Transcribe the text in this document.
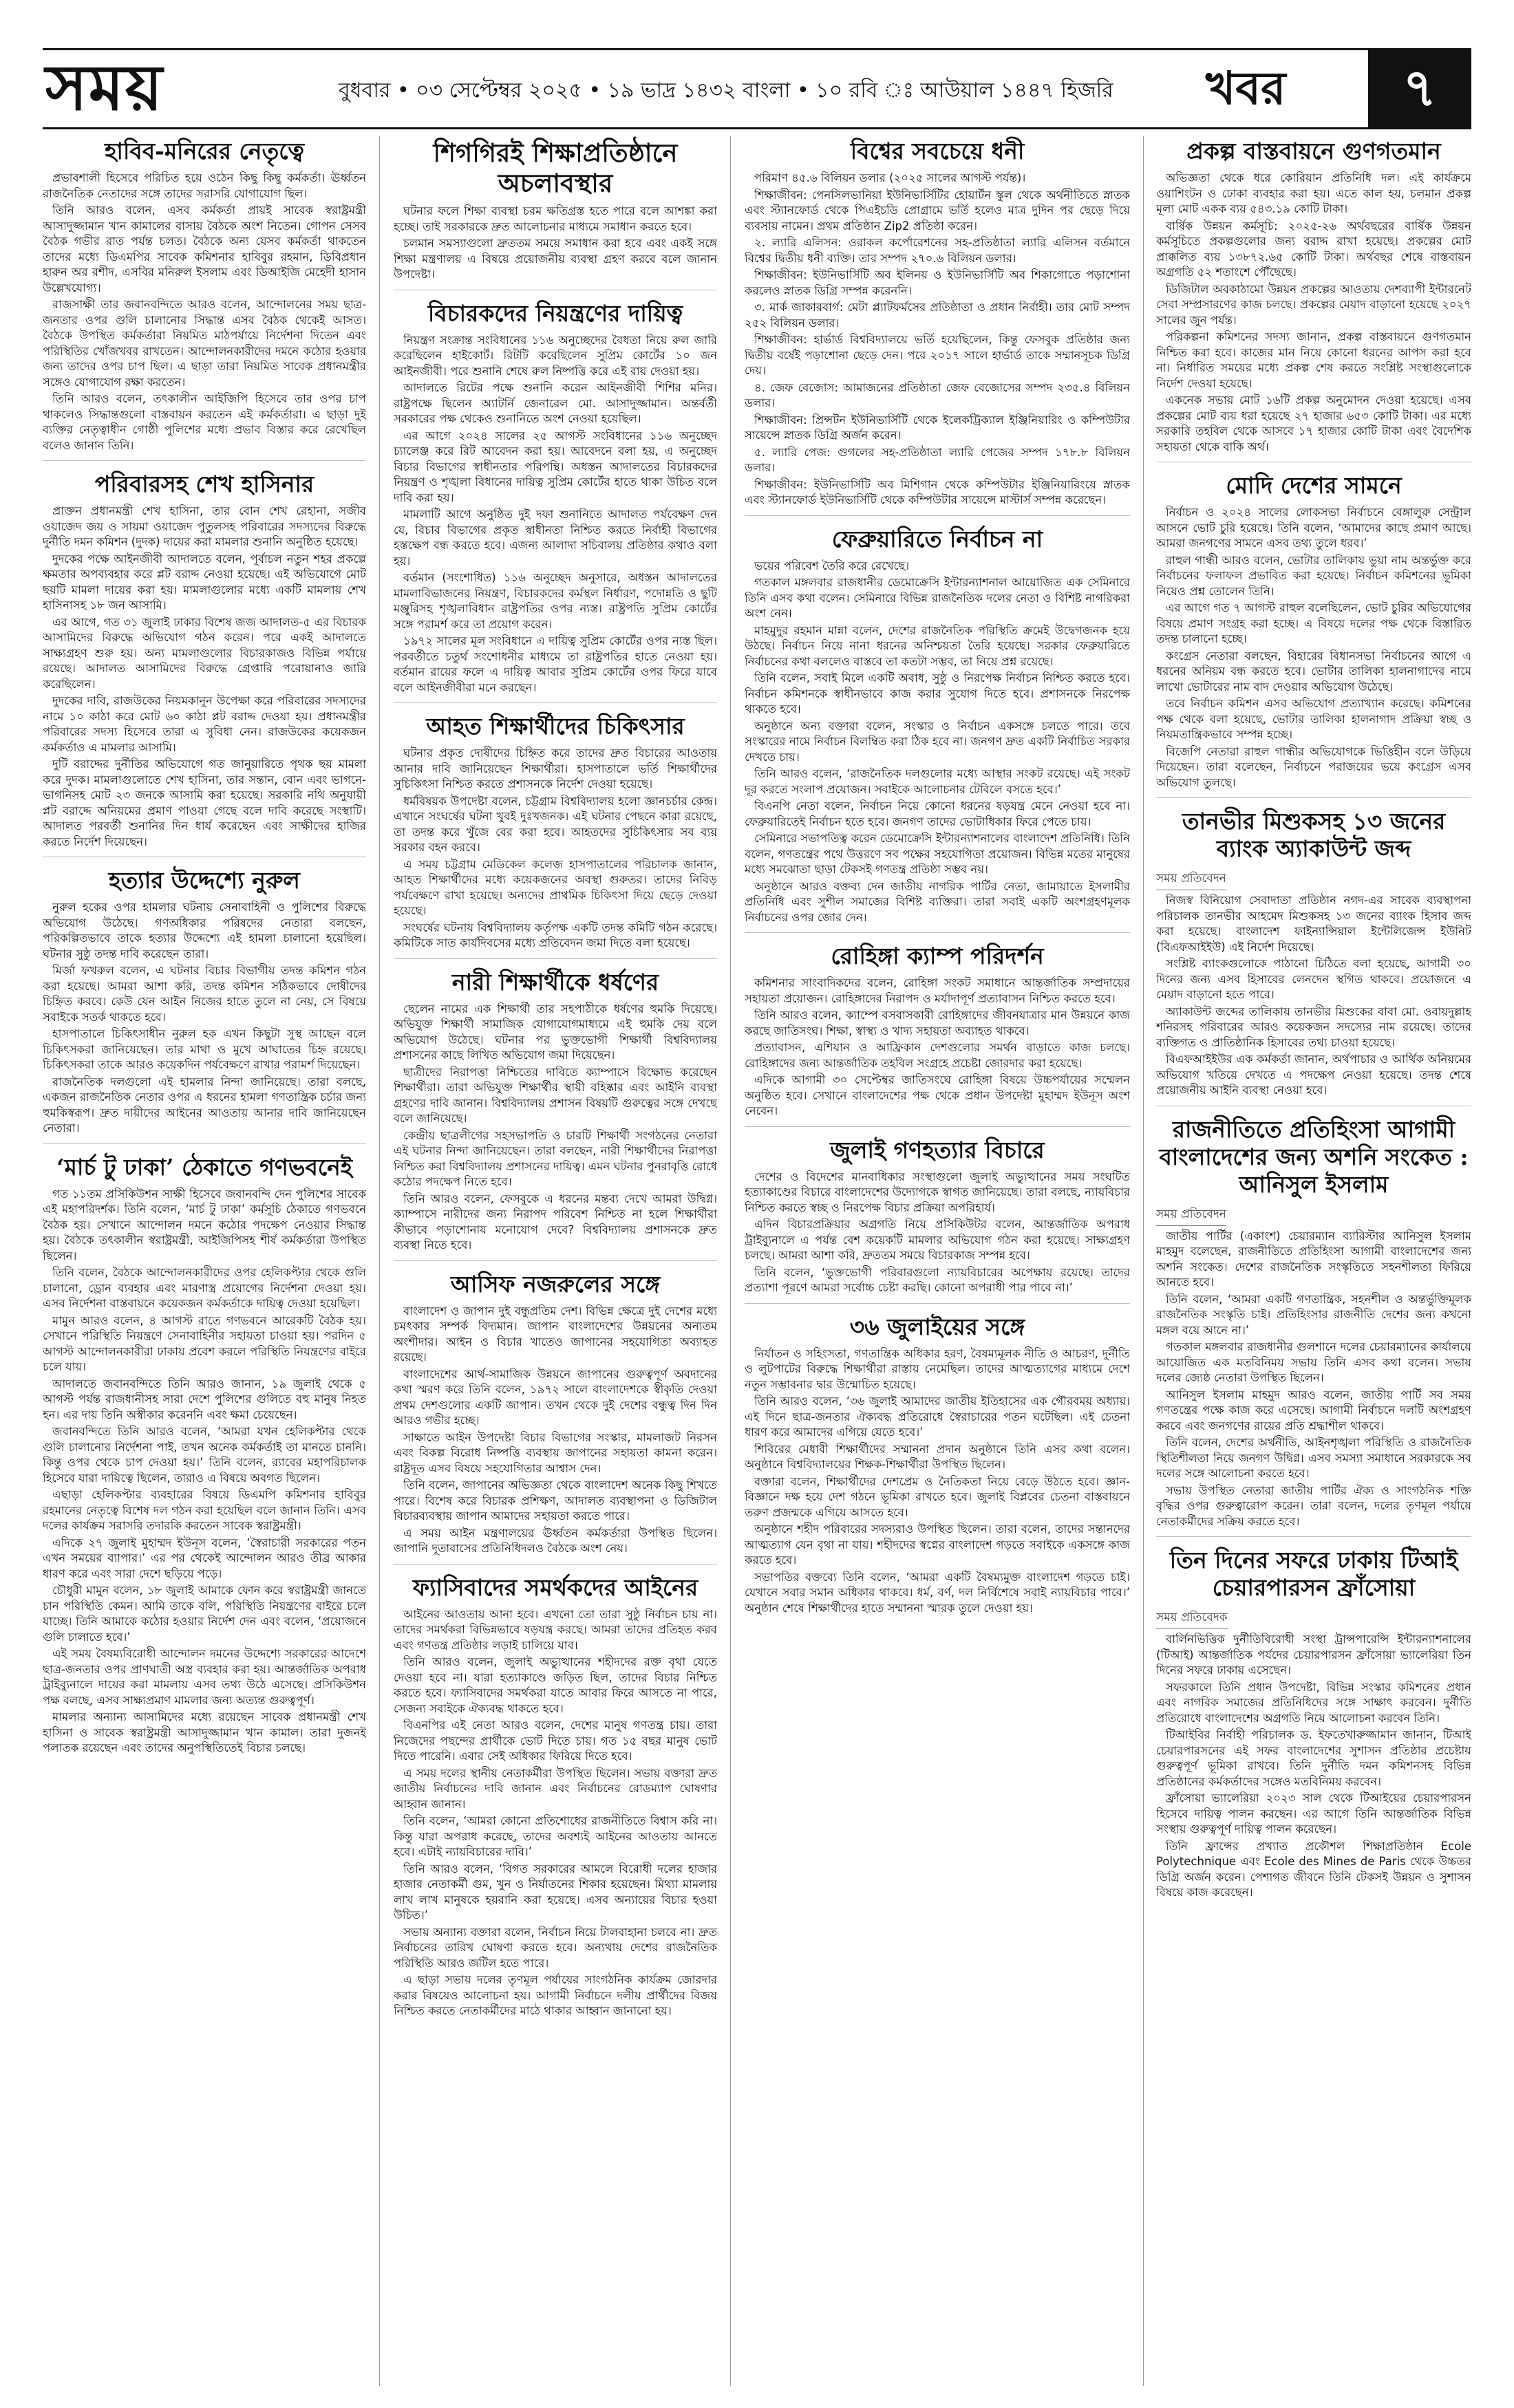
সময়	বুধবার • ০৩ সেপ্টেম্বর ২০২৫ • ১৯ ভাদ্র ১৪৩২ বাংলা • ১০ রবি ঃ আউয়াল ১৪৪৭ হিজরি খবর	৭
হাবিব-মনিরের নেতৃত্বে

প্রভাবশালী হিসেবে পরিচিত হয়ে ওঠেন কিছু কিছু কর্মকর্তা। ঊর্ধ্বতন রাজনৈতিক নেতাদের সঙ্গে তাদের সরাসরি যোগাযোগ ছিল।

তিনি আরও বলেন, এসব কর্মকর্তা প্রায়ই সাবেক স্বরাষ্ট্রমন্ত্রী আসাদুজ্জামান খান কামালের বাসায় বৈঠকে অংশ নিতেন। গোপন সেসব বৈঠক গভীর রাত পর্যন্ত চলত। বৈঠকে অন্য যেসব কর্মকর্তা থাকতেন তাদের মধ্যে ডিএমপির সাবেক কমিশনার হাবিবুর রহমান, ডিবিপ্রধান হারুন অর রশীদ, এসবির মনিরুল ইসলাম এবং ডিআইজি মেহেদী হাসান উল্লেখযোগ্য।

রাজসাক্ষী তার জবানবন্দিতে আরও বলেন, আন্দোলনের সময় ছাত্র-জনতার ওপর গুলি চালানোর সিদ্ধান্ত এসব বৈঠক থেকেই আসত। বৈঠকে উপস্থিত কর্মকর্তারা নিয়মিত মাঠপর্যায়ে নির্দেশনা দিতেন এবং পরিস্থিতির খোঁজখবর রাখতেন। আন্দোলনকারীদের দমনে কঠোর হওয়ার জন্য তাদের ওপর চাপ ছিল। এ ছাড়া তারা নিয়মিত সাবেক প্রধানমন্ত্রীর সঙ্গেও যোগাযোগ রক্ষা করতেন।

তিনি আরও বলেন, তৎকালীন আইজিপি হিসেবে তার ওপর চাপ থাকলেও সিদ্ধান্তগুলো বাস্তবায়ন করতেন এই কর্মকর্তারা। এ ছাড়া দুই ব্যক্তির নেতৃত্বাধীন গোষ্ঠী পুলিশের মধ্যে প্রভাব বিস্তার করে রেখেছিল বলেও জানান তিনি।

পরিবারসহ শেখ হাসিনার

প্রাক্তন প্রধানমন্ত্রী শেখ হাসিনা, তার বোন শেখ রেহানা, সজীব ওয়াজেদ জয় ও সায়মা ওয়াজেদ পুতুলসহ পরিবারের সদস্যদের বিরুদ্ধে দুর্নীতি দমন কমিশন (দুদক) দায়ের করা মামলার শুনানি অনুষ্ঠিত হয়েছে।

দুদকের পক্ষে আইনজীবী আদালতে বলেন, পূর্বাচল নতুন শহর প্রকল্পে ক্ষমতার অপব্যবহার করে প্লট বরাদ্দ নেওয়া হয়েছে। এই অভিযোগে মোট ছয়টি মামলা দায়ের করা হয়। মামলাগুলোর মধ্যে একটি মামলায় শেখ হাসিনাসহ ১৮ জন আসামি।

এর আগে, গত ৩১ জুলাই ঢাকার বিশেষ জজ আদালত-৫ এর বিচারক আসামিদের বিরুদ্ধে অভিযোগ গঠন করেন। পরে একই আদালতে সাক্ষ্যগ্রহণ শুরু হয়। অন্য মামলাগুলোর বিচারকাজও বিভিন্ন পর্যায়ে রয়েছে। আদালত আসামিদের বিরুদ্ধে গ্রেপ্তারি পরোয়ানাও জারি করেছিলেন।

দুদকের দাবি, রাজউকের নিয়মকানুন উপেক্ষা করে পরিবারের সদস্যদের নামে ১০ কাঠা করে মোট ৬০ কাঠা প্লট বরাদ্দ দেওয়া হয়। প্রধানমন্ত্রীর পরিবারের সদস্য হিসেবে তারা এ সুবিধা নেন। রাজউকের কয়েকজন কর্মকর্তাও এ মামলার আসামি।

দুটি বরাদ্দের দুর্নীতির অভিযোগে গত জানুয়ারিতে পৃথক ছয় মামলা করে দুদক। মামলাগুলোতে শেখ হাসিনা, তার সন্তান, বোন এবং ভাগনে-ভাগনিসহ মোট ২৩ জনকে আসামি করা হয়েছে। সরকারি নথি অনুযায়ী প্লট বরাদ্দে অনিয়মের প্রমাণ পাওয়া গেছে বলে দাবি করেছে সংস্থাটি। আদালত পরবর্তী শুনানির দিন ধার্য করেছেন এবং সাক্ষীদের হাজির করতে নির্দেশ দিয়েছেন।

হত্যার উদ্দেশ্যে নুরুল

নুরুল হকের ওপর হামলার ঘটনায় সেনাবাহিনী ও পুলিশের বিরুদ্ধে অভিযোগ উঠেছে। গণঅধিকার পরিষদের নেতারা বলছেন, পরিকল্পিতভাবে তাকে হত্যার উদ্দেশ্যে এই হামলা চালানো হয়েছিল। ঘটনার সুষ্ঠু তদন্ত দাবি করেছেন তারা।

মির্জা ফখরুল বলেন, এ ঘটনার বিচার বিভাগীয় তদন্ত কমিশন গঠন করা হয়েছে। আমরা আশা করি, তদন্ত কমিশন সঠিকভাবে দোষীদের চিহ্নিত করবে। কেউ যেন আইন নিজের হাতে তুলে না নেয়, সে বিষয়ে সবাইকে সতর্ক থাকতে হবে।

হাসপাতালে চিকিৎসাধীন নুরুল হক এখন কিছুটা সুস্থ আছেন বলে চিকিৎসকরা জানিয়েছেন। তার মাথা ও মুখে আঘাতের চিহ্ন রয়েছে। চিকিৎসকরা তাকে আরও কয়েকদিন পর্যবেক্ষণে রাখার পরামর্শ দিয়েছেন।

রাজনৈতিক দলগুলো এই হামলার নিন্দা জানিয়েছে। তারা বলছে, একজন রাজনৈতিক নেতার ওপর এ ধরনের হামলা গণতান্ত্রিক চর্চার জন্য হুমকিস্বরূপ। দ্রুত দায়ীদের আইনের আওতায় আনার দাবি জানিয়েছেন নেতারা।

‘মার্চ টু ঢাকা’ ঠেকাতে গণভবনেই

গত ১১তম প্রসিকিউশন সাক্ষী হিসেবে জবানবন্দি দেন পুলিশের সাবেক এই মহাপরিদর্শক। তিনি বলেন, ‘মার্চ টু ঢাকা’ কর্মসূচি ঠেকাতে গণভবনে বৈঠক হয়। সেখানে আন্দোলন দমনে কঠোর পদক্ষেপ নেওয়ার সিদ্ধান্ত হয়। বৈঠকে তৎকালীন স্বরাষ্ট্রমন্ত্রী, আইজিপিসহ শীর্ষ কর্মকর্তারা উপস্থিত ছিলেন।

তিনি বলেন, বৈঠকে আন্দোলনকারীদের ওপর হেলিকপ্টার থেকে গুলি চালানো, ড্রোন ব্যবহার এবং মারণাস্ত্র প্রয়োগের নির্দেশনা দেওয়া হয়। এসব নির্দেশনা বাস্তবায়নে কয়েকজন কর্মকর্তাকে দায়িত্ব দেওয়া হয়েছিল।

মামুন আরও বলেন, ৪ আগস্ট রাতে গণভবনে আরেকটি বৈঠক হয়। সেখানে পরিস্থিতি নিয়ন্ত্রণে সেনাবাহিনীর সহায়তা চাওয়া হয়। পরদিন ৫ আগস্ট আন্দোলনকারীরা ঢাকায় প্রবেশ করলে পরিস্থিতি নিয়ন্ত্রণের বাইরে চলে যায়।

আদালতে জবানবন্দিতে তিনি আরও জানান, ১৯ জুলাই থেকে ৫ আগস্ট পর্যন্ত রাজধানীসহ সারা দেশে পুলিশের গুলিতে বহু মানুষ নিহত হন। এর দায় তিনি অস্বীকার করেননি এবং ক্ষমা চেয়েছেন।

জবানবন্দিতে তিনি আরও বলেন, ‘আমরা যখন হেলিকপ্টার থেকে গুলি চালানোর নির্দেশনা পাই, তখন অনেক কর্মকর্তাই তা মানতে চাননি। কিন্তু ওপর থেকে চাপ দেওয়া হয়।’ তিনি বলেন, র‌্যাবের মহাপরিচালক হিসেবে যারা দায়িত্বে ছিলেন, তারাও এ বিষয়ে অবগত ছিলেন।

এছাড়া হেলিকপ্টার ব্যবহারের বিষয়ে ডিএমপি কমিশনার হাবিবুর রহমানের নেতৃত্বে বিশেষ দল গঠন করা হয়েছিল বলে জানান তিনি। এসব দলের কার্যক্রম সরাসরি তদারকি করতেন সাবেক স্বরাষ্ট্রমন্ত্রী।

এদিকে ২৭ জুলাই মুহাম্মদ ইউনূস বলেন, ‘স্বৈরাচারী সরকারের পতন এখন সময়ের ব্যাপার।’ এর পর থেকেই আন্দোলন আরও তীব্র আকার ধারণ করে এবং সারা দেশে ছড়িয়ে পড়ে।

চৌধুরী মামুন বলেন, ১৮ জুলাই আমাকে ফোন করে স্বরাষ্ট্রমন্ত্রী জানতে চান পরিস্থিতি কেমন। আমি তাকে বলি, পরিস্থিতি নিয়ন্ত্রণের বাইরে চলে যাচ্ছে। তিনি আমাকে কঠোর হওয়ার নির্দেশ দেন এবং বলেন, ‘প্রয়োজনে গুলি চালাতে হবে।’

এই সময় বৈষম্যবিরোধী আন্দোলন দমনের উদ্দেশ্যে সরকারের আদেশে ছাত্র-জনতার ওপর প্রাণঘাতী অস্ত্র ব্যবহার করা হয়। আন্তর্জাতিক অপরাধ ট্রাইব্যুনালে দায়ের করা মামলায় এসব তথ্য উঠে এসেছে। প্রসিকিউশন পক্ষ বলছে, এসব সাক্ষ্যপ্রমাণ মামলার জন্য অত্যন্ত গুরুত্বপূর্ণ।

মামলার অন্যান্য আসামিদের মধ্যে রয়েছেন সাবেক প্রধানমন্ত্রী শেখ হাসিনা ও সাবেক স্বরাষ্ট্রমন্ত্রী আসাদুজ্জামান খান কামাল। তারা দুজনই পলাতক রয়েছেন এবং তাদের অনুপস্থিতিতেই বিচার চলছে।

শিগগিরই শিক্ষাপ্রতিষ্ঠানে অচলাবস্থার

ঘটনার ফলে শিক্ষা ব্যবস্থা চরম ক্ষতিগ্রস্ত হতে পারে বলে আশঙ্কা করা হচ্ছে। তাই সরকারকে দ্রুত আলোচনার মাধ্যমে সমাধান করতে হবে।

চলমান সমস্যাগুলো দ্রুততম সময়ে সমাধান করা হবে এবং একই সঙ্গে শিক্ষা মন্ত্রণালয় এ বিষয়ে প্রয়োজনীয় ব্যবস্থা গ্রহণ করবে বলে জানান উপদেষ্টা।

বিচারকদের নিয়ন্ত্রণের দায়িত্ব

নিয়ন্ত্রণ সংক্রান্ত সংবিধানের ১১৬ অনুচ্ছেদের বৈধতা নিয়ে রুল জারি করেছিলেন হাইকোর্ট। রিটটি করেছিলেন সুপ্রিম কোর্টের ১০ জন আইনজীবী। পরে শুনানি শেষে রুল নিষ্পত্তি করে এই রায় দেওয়া হয়।

আদালতে রিটের পক্ষে শুনানি করেন আইনজীবী শিশির মনির। রাষ্ট্রপক্ষে ছিলেন অ্যাটর্নি জেনারেল মো. আসাদুজ্জামান। অন্তর্বর্তী সরকারের পক্ষ থেকেও শুনানিতে অংশ নেওয়া হয়েছিল।

এর আগে ২০২৪ সালের ২৫ আগস্ট সংবিধানের ১১৬ অনুচ্ছেদ চ্যালেঞ্জ করে রিট আবেদন করা হয়। আবেদনে বলা হয়, এ অনুচ্ছেদ বিচার বিভাগের স্বাধীনতার পরিপন্থি। অধস্তন আদালতের বিচারকদের নিয়ন্ত্রণ ও শৃঙ্খলা বিধানের দায়িত্ব সুপ্রিম কোর্টের হাতে থাকা উচিত বলে দাবি করা হয়।

মামলাটি আগে অনুষ্ঠিত দুই দফা শুনানিতে আদালত পর্যবেক্ষণ দেন যে, বিচার বিভাগের প্রকৃত স্বাধীনতা নিশ্চিত করতে নির্বাহী বিভাগের হস্তক্ষেপ বন্ধ করতে হবে। এজন্য আলাদা সচিবালয় প্রতিষ্ঠার কথাও বলা হয়।

বর্তমান (সংশোধিত) ১১৬ অনুচ্ছেদ অনুসারে, অধস্তন আদালতের মামলাবিভাজনের নিয়ন্ত্রণ, বিচারকদের কর্মস্থল নির্ধারণ, পদোন্নতি ও ছুটি মঞ্জুরিসহ শৃঙ্খলাবিধান রাষ্ট্রপতির ওপর ন্যস্ত। রাষ্ট্রপতি সুপ্রিম কোর্টের সঙ্গে পরামর্শ করে তা প্রয়োগ করেন।

১৯৭২ সালের মূল সংবিধানে এ দায়িত্ব সুপ্রিম কোর্টের ওপর ন্যস্ত ছিল। পরবর্তীতে চতুর্থ সংশোধনীর মাধ্যমে তা রাষ্ট্রপতির হাতে নেওয়া হয়। বর্তমান রায়ের ফলে এ দায়িত্ব আবার সুপ্রিম কোর্টের ওপর ফিরে যাবে বলে আইনজীবীরা মনে করছেন।

আহত শিক্ষার্থীদের চিকিৎসার

ঘটনার প্রকৃত দোষীদের চিহ্নিত করে তাদের দ্রুত বিচারের আওতায় আনার দাবি জানিয়েছেন শিক্ষার্থীরা। হাসপাতালে ভর্তি শিক্ষার্থীদের সুচিকিৎসা নিশ্চিত করতে প্রশাসনকে নির্দেশ দেওয়া হয়েছে।

ধর্মবিষয়ক উপদেষ্টা বলেন, চট্টগ্রাম বিশ্ববিদ্যালয় হলো জ্ঞানচর্চার কেন্দ্র। এখানে সংঘর্ষের ঘটনা খুবই দুঃখজনক। এই ঘটনার পেছনে কারা রয়েছে, তা তদন্ত করে খুঁজে বের করা হবে। আহতদের সুচিকিৎসার সব ব্যয় সরকার বহন করবে।

এ সময় চট্টগ্রাম মেডিকেল কলেজ হাসপাতালের পরিচালক জানান, আহত শিক্ষার্থীদের মধ্যে কয়েকজনের অবস্থা গুরুতর। তাদের নিবিড় পর্যবেক্ষণে রাখা হয়েছে। অন্যদের প্রাথমিক চিকিৎসা দিয়ে ছেড়ে দেওয়া হয়েছে।

সংঘর্ষের ঘটনায় বিশ্ববিদ্যালয় কর্তৃপক্ষ একটি তদন্ত কমিটি গঠন করেছে। কমিটিকে সাত কার্যদিবসের মধ্যে প্রতিবেদন জমা দিতে বলা হয়েছে।

নারী শিক্ষার্থীকে ধর্ষণের

ছেলেন নামের এক শিক্ষার্থী তার সহপাঠীকে ধর্ষণের হুমকি দিয়েছে। অভিযুক্ত শিক্ষার্থী সামাজিক যোগাযোগমাধ্যমে এই হুমকি দেয় বলে অভিযোগ উঠেছে। ঘটনার পর ভুক্তভোগী শিক্ষার্থী বিশ্ববিদ্যালয় প্রশাসনের কাছে লিখিত অভিযোগ জমা দিয়েছেন।

ছাত্রীদের নিরাপত্তা নিশ্চিতের দাবিতে ক্যাম্পাসে বিক্ষোভ করেছেন শিক্ষার্থীরা। তারা অভিযুক্ত শিক্ষার্থীর স্থায়ী বহিষ্কার এবং আইনি ব্যবস্থা গ্রহণের দাবি জানান। বিশ্ববিদ্যালয় প্রশাসন বিষয়টি গুরুত্বের সঙ্গে দেখছে বলে জানিয়েছে।

কেন্দ্রীয় ছাত্রলীগের সহসভাপতি ও চারটি শিক্ষার্থী সংগঠনের নেতারা এই ঘটনার নিন্দা জানিয়েছেন। তারা বলছেন, নারী শিক্ষার্থীদের নিরাপত্তা নিশ্চিত করা বিশ্ববিদ্যালয় প্রশাসনের দায়িত্ব। এমন ঘটনার পুনরাবৃত্তি রোধে কঠোর পদক্ষেপ নিতে হবে।

তিনি আরও বলেন, ফেসবুকে এ ধরনের মন্তব্য দেখে আমরা উদ্বিগ্ন। ক্যাম্পাসে নারীদের জন্য নিরাপদ পরিবেশ নিশ্চিত না হলে শিক্ষার্থীরা কীভাবে পড়াশোনায় মনোযোগ দেবে? বিশ্ববিদ্যালয় প্রশাসনকে দ্রুত ব্যবস্থা নিতে হবে।

আসিফ নজরুলের সঙ্গে

বাংলাদেশ ও জাপান দুই বন্ধুপ্রতিম দেশ। বিভিন্ন ক্ষেত্রে দুই দেশের মধ্যে চমৎকার সম্পর্ক বিদ্যমান। জাপান বাংলাদেশের উন্নয়নের অন্যতম অংশীদার। আইন ও বিচার খাতেও জাপানের সহযোগিতা অব্যাহত রয়েছে।

বাংলাদেশের আর্থ-সামাজিক উন্নয়নে জাপানের গুরুত্বপূর্ণ অবদানের কথা স্মরণ করে তিনি বলেন, ১৯৭২ সালে বাংলাদেশকে স্বীকৃতি দেওয়া প্রথম দেশগুলোর একটি জাপান। তখন থেকে দুই দেশের বন্ধুত্ব দিন দিন আরও গভীর হচ্ছে।

সাক্ষাতে আইন উপদেষ্টা বিচার বিভাগের সংস্কার, মামলাজট নিরসন এবং বিকল্প বিরোধ নিষ্পত্তি ব্যবস্থায় জাপানের সহায়তা কামনা করেন। রাষ্ট্রদূত এসব বিষয়ে সহযোগিতার আশ্বাস দেন।

তিনি বলেন, জাপানের অভিজ্ঞতা থেকে বাংলাদেশ অনেক কিছু শিখতে পারে। বিশেষ করে বিচারক প্রশিক্ষণ, আদালত ব্যবস্থাপনা ও ডিজিটাল বিচারব্যবস্থায় জাপান আমাদের সহায়তা করতে পারে।

এ সময় আইন মন্ত্রণালয়ের ঊর্ধ্বতন কর্মকর্তারা উপস্থিত ছিলেন। জাপানি দূতাবাসের প্রতিনিধিদলও বৈঠকে অংশ নেয়।

ফ্যাসিবাদের সমর্থকদের আইনের

আইনের আওতায় আনা হবে। এখনো তো তারা সুষ্ঠু নির্বাচন চায় না। তাদের সমর্থকরা বিভিন্নভাবে ষড়যন্ত্র করছে। আমরা তাদের প্রতিহত করব এবং গণতন্ত্র প্রতিষ্ঠার লড়াই চালিয়ে যাব।

তিনি আরও বলেন, জুলাই অভ্যুত্থানের শহীদদের রক্ত বৃথা যেতে দেওয়া হবে না। যারা হত্যাকাণ্ডে জড়িত ছিল, তাদের বিচার নিশ্চিত করতে হবে। ফ্যাসিবাদের সমর্থকরা যাতে আবার ফিরে আসতে না পারে, সেজন্য সবাইকে ঐক্যবদ্ধ থাকতে হবে।

বিএনপির এই নেতা আরও বলেন, দেশের মানুষ গণতন্ত্র চায়। তারা নিজেদের পছন্দের প্রার্থীকে ভোট দিতে চায়। গত ১৫ বছর মানুষ ভোট দিতে পারেনি। এবার সেই অধিকার ফিরিয়ে দিতে হবে।

এ সময় দলের স্থানীয় নেতাকর্মীরা উপস্থিত ছিলেন। সভায় বক্তারা দ্রুত জাতীয় নির্বাচনের দাবি জানান এবং নির্বাচনের রোডম্যাপ ঘোষণার আহ্বান জানান।

তিনি বলেন, ‘আমরা কোনো প্রতিশোধের রাজনীতিতে বিশ্বাস করি না। কিন্তু যারা অপরাধ করেছে, তাদের অবশ্যই আইনের আওতায় আনতে হবে। এটাই ন্যায়বিচারের দাবি।’

তিনি আরও বলেন, ‘বিগত সরকারের আমলে বিরোধী দলের হাজার হাজার নেতাকর্মী গুম, খুন ও নির্যাতনের শিকার হয়েছেন। মিথ্যা মামলায় লাখ লাখ মানুষকে হয়রানি করা হয়েছে। এসব অন্যায়ের বিচার হওয়া উচিত।’

সভায় অন্যান্য বক্তারা বলেন, নির্বাচন নিয়ে টালবাহানা চলবে না। দ্রুত নির্বাচনের তারিখ ঘোষণা করতে হবে। অন্যথায় দেশের রাজনৈতিক পরিস্থিতি আরও জটিল হতে পারে।

এ ছাড়া সভায় দলের তৃণমূল পর্যায়ের সাংগঠনিক কার্যক্রম জোরদার করার বিষয়েও আলোচনা হয়। আগামী নির্বাচনে দলীয় প্রার্থীদের বিজয় নিশ্চিত করতে নেতাকর্মীদের মাঠে থাকার আহ্বান জানানো হয়।

বিশ্বের সবচেয়ে ধনী

পরিমাণ ৪৫.৬ বিলিয়ন ডলার (২০২৫ সালের আগস্ট পর্যন্ত)।

শিক্ষাজীবন: পেনসিলভানিয়া ইউনিভার্সিটির হোয়ার্টন স্কুল থেকে অর্থনীতিতে স্নাতক এবং স্ট্যানফোর্ড থেকে পিএইচডি প্রোগ্রামে ভর্তি হলেও মাত্র দুদিন পর ছেড়ে দিয়ে ব্যবসায় নামেন। প্রথম প্রতিষ্ঠান Zip2 প্রতিষ্ঠা করেন।

২. ল্যারি এলিসন: ওরাকল কর্পোরেশনের সহ-প্রতিষ্ঠাতা ল্যারি এলিসন বর্তমানে বিশ্বের দ্বিতীয় ধনী ব্যক্তি। তার সম্পদ ২৭০.৬ বিলিয়ন ডলার।

শিক্ষাজীবন: ইউনিভার্সিটি অব ইলিনয় ও ইউনিভার্সিটি অব শিকাগোতে পড়াশোনা করলেও স্নাতক ডিগ্রি সম্পন্ন করেননি।

৩. মার্ক জাকারবার্গ: মেটা প্ল্যাটফর্মসের প্রতিষ্ঠাতা ও প্রধান নির্বাহী। তার মোট সম্পদ ২৫২ বিলিয়ন ডলার।

শিক্ষাজীবন: হার্ভার্ড বিশ্ববিদ্যালয়ে ভর্তি হয়েছিলেন, কিন্তু ফেসবুক প্রতিষ্ঠার জন্য দ্বিতীয় বর্ষেই পড়াশোনা ছেড়ে দেন। পরে ২০১৭ সালে হার্ভার্ড তাকে সম্মানসূচক ডিগ্রি দেয়।

৪. জেফ বেজোস: আমাজনের প্রতিষ্ঠাতা জেফ বেজোসের সম্পদ ২৩৫.৪ বিলিয়ন ডলার।

শিক্ষাজীবন: প্রিন্সটন ইউনিভার্সিটি থেকে ইলেকট্রিক্যাল ইঞ্জিনিয়ারিং ও কম্পিউটার সায়েন্সে স্নাতক ডিগ্রি অর্জন করেন।

৫. ল্যারি পেজ: গুগলের সহ-প্রতিষ্ঠাতা ল্যারি পেজের সম্পদ ১৭৮.৮ বিলিয়ন ডলার।

শিক্ষাজীবন: ইউনিভার্সিটি অব মিশিগান থেকে কম্পিউটার ইঞ্জিনিয়ারিংয়ে স্নাতক এবং স্ট্যানফোর্ড ইউনিভার্সিটি থেকে কম্পিউটার সায়েন্সে মাস্টার্স সম্পন্ন করেছেন।

ফেব্রুয়ারিতে নির্বাচন না

ভয়ের পরিবেশ তৈরি করে রেখেছে।

গতকাল মঙ্গলবার রাজধানীর ডেমোক্রেসি ইন্টারন্যাশনাল আয়োজিত এক সেমিনারে তিনি এসব কথা বলেন। সেমিনারে বিভিন্ন রাজনৈতিক দলের নেতা ও বিশিষ্ট নাগরিকরা অংশ নেন।

মাহমুদুর রহমান মান্না বলেন, দেশের রাজনৈতিক পরিস্থিতি ক্রমেই উদ্বেগজনক হয়ে উঠছে। নির্বাচন নিয়ে নানা ধরনের অনিশ্চয়তা তৈরি হয়েছে। সরকার ফেব্রুয়ারিতে নির্বাচনের কথা বললেও বাস্তবে তা কতটা সম্ভব, তা নিয়ে প্রশ্ন রয়েছে।

তিনি বলেন, সবাই মিলে একটি অবাধ, সুষ্ঠু ও নিরপেক্ষ নির্বাচন নিশ্চিত করতে হবে। নির্বাচন কমিশনকে স্বাধীনভাবে কাজ করার সুযোগ দিতে হবে। প্রশাসনকে নিরপেক্ষ থাকতে হবে।

অনুষ্ঠানে অন্য বক্তারা বলেন, সংস্কার ও নির্বাচন একসঙ্গে চলতে পারে। তবে সংস্কারের নামে নির্বাচন বিলম্বিত করা ঠিক হবে না। জনগণ দ্রুত একটি নির্বাচিত সরকার দেখতে চায়।

তিনি আরও বলেন, ‘রাজনৈতিক দলগুলোর মধ্যে আস্থার সংকট রয়েছে। এই সংকট দূর করতে সংলাপ প্রয়োজন। সবাইকে আলোচনার টেবিলে বসতে হবে।’

বিএনপি নেতা বলেন, নির্বাচন নিয়ে কোনো ধরনের ষড়যন্ত্র মেনে নেওয়া হবে না। ফেব্রুয়ারিতেই নির্বাচন হতে হবে। জনগণ তাদের ভোটাধিকার ফিরে পেতে চায়।

সেমিনারে সভাপতিত্ব করেন ডেমোক্রেসি ইন্টারন্যাশনালের বাংলাদেশ প্রতিনিধি। তিনি বলেন, গণতন্ত্রের পথে উত্তরণে সব পক্ষের সহযোগিতা প্রয়োজন। বিভিন্ন মতের মানুষের মধ্যে সমঝোতা ছাড়া টেকসই গণতন্ত্র প্রতিষ্ঠা সম্ভব নয়।

অনুষ্ঠানে আরও বক্তব্য দেন জাতীয় নাগরিক পার্টির নেতা, জামায়াতে ইসলামীর প্রতিনিধি এবং সুশীল সমাজের বিশিষ্ট ব্যক্তিরা। তারা সবাই একটি অংশগ্রহণমূলক নির্বাচনের ওপর জোর দেন।

রোহিঙ্গা ক্যাম্প পরিদর্শন

কমিশনার সাংবাদিকদের বলেন, রোহিঙ্গা সংকট সমাধানে আন্তর্জাতিক সম্প্রদায়ের সহায়তা প্রয়োজন। রোহিঙ্গাদের নিরাপদ ও মর্যাদাপূর্ণ প্রত্যাবাসন নিশ্চিত করতে হবে।

তিনি আরও বলেন, ক্যাম্পে বসবাসকারী রোহিঙ্গাদের জীবনযাত্রার মান উন্নয়নে কাজ করছে জাতিসংঘ। শিক্ষা, স্বাস্থ্য ও খাদ্য সহায়তা অব্যাহত থাকবে।

প্রত্যাবাসন, এশিয়ান ও আফ্রিকান দেশগুলোর সমর্থন বাড়াতে কাজ চলছে। রোহিঙ্গাদের জন্য আন্তর্জাতিক তহবিল সংগ্রহে প্রচেষ্টা জোরদার করা হয়েছে।

এদিকে আগামী ৩০ সেপ্টেম্বর জাতিসংঘে রোহিঙ্গা বিষয়ে উচ্চপর্যায়ের সম্মেলন অনুষ্ঠিত হবে। সেখানে বাংলাদেশের পক্ষ থেকে প্রধান উপদেষ্টা মুহাম্মদ ইউনূস অংশ নেবেন।

জুলাই গণহত্যার বিচারে

দেশের ও বিদেশের মানবাধিকার সংস্থাগুলো জুলাই অভ্যুত্থানের সময় সংঘটিত হত্যাকাণ্ডের বিচারে বাংলাদেশের উদ্যোগকে স্বাগত জানিয়েছে। তারা বলছে, ন্যায়বিচার নিশ্চিত করতে স্বচ্ছ ও নিরপেক্ষ বিচার প্রক্রিয়া অপরিহার্য।

এদিন বিচারপ্রক্রিয়ার অগ্রগতি নিয়ে প্রসিকিউটর বলেন, আন্তর্জাতিক অপরাধ ট্রাইব্যুনালে এ পর্যন্ত বেশ কয়েকটি মামলার অভিযোগ গঠন করা হয়েছে। সাক্ষ্যগ্রহণ চলছে। আমরা আশা করি, দ্রুততম সময়ে বিচারকাজ সম্পন্ন হবে।

তিনি বলেন, ‘ভুক্তভোগী পরিবারগুলো ন্যায়বিচারের অপেক্ষায় রয়েছে। তাদের প্রত্যাশা পূরণে আমরা সর্বোচ্চ চেষ্টা করছি। কোনো অপরাধী পার পাবে না।’

৩৬ জুলাইয়ের সঙ্গে

নির্যাতন ও সহিংসতা, গণতান্ত্রিক অধিকার হরণ, বৈষম্যমূলক নীতি ও আচরণ, দুর্নীতি ও লুটপাটের বিরুদ্ধে শিক্ষার্থীরা রাস্তায় নেমেছিল। তাদের আত্মত্যাগের মাধ্যমে দেশে নতুন সম্ভাবনার দ্বার উন্মোচিত হয়েছে।

তিনি আরও বলেন, ‘৩৬ জুলাই আমাদের জাতীয় ইতিহাসের এক গৌরবময় অধ্যায়। এই দিনে ছাত্র-জনতার ঐক্যবদ্ধ প্রতিরোধে স্বৈরাচারের পতন ঘটেছিল। এই চেতনা ধারণ করে আমাদের এগিয়ে যেতে হবে।’

শিবিরের মেধাবী শিক্ষার্থীদের সম্মাননা প্রদান অনুষ্ঠানে তিনি এসব কথা বলেন। অনুষ্ঠানে বিশ্ববিদ্যালয়ের শিক্ষক-শিক্ষার্থীরা উপস্থিত ছিলেন।

বক্তারা বলেন, শিক্ষার্থীদের দেশপ্রেম ও নৈতিকতা নিয়ে বেড়ে উঠতে হবে। জ্ঞান-বিজ্ঞানে দক্ষ হয়ে দেশ গঠনে ভূমিকা রাখতে হবে। জুলাই বিপ্লবের চেতনা বাস্তবায়নে তরুণ প্রজন্মকে এগিয়ে আসতে হবে।

অনুষ্ঠানে শহীদ পরিবারের সদস্যরাও উপস্থিত ছিলেন। তারা বলেন, তাদের সন্তানদের আত্মত্যাগ যেন বৃথা না যায়। শহীদদের স্বপ্নের বাংলাদেশ গড়তে সবাইকে একসঙ্গে কাজ করতে হবে।

সভাপতির বক্তব্যে তিনি বলেন, ‘আমরা একটি বৈষম্যমুক্ত বাংলাদেশ গড়তে চাই। যেখানে সবার সমান অধিকার থাকবে। ধর্ম, বর্ণ, দল নির্বিশেষে সবাই ন্যায়বিচার পাবে।’ অনুষ্ঠান শেষে শিক্ষার্থীদের হাতে সম্মাননা স্মারক তুলে দেওয়া হয়।

প্রকল্প বাস্তবায়নে গুণগতমান

অভিজ্ঞতা থেকে ধরে কোরিয়ান প্রতিনিধি দল। এই কার্যক্রমে ওয়াশিংটন ও ঢোকা ব্যবহার করা হয়। এতে কাল হয়, চলমান প্রকল্প মূল্য মোট একক ব্যয় ৫৪৩.১৯ কোটি টাকা।

বার্ষিক উন্নয়ন কর্মসূচি: ২০২৫-২৬ অর্থবছরের বার্ষিক উন্নয়ন কর্মসূচিতে প্রকল্পগুলোর জন্য বরাদ্দ রাখা হয়েছে। প্রকল্পের মোট প্রাক্কলিত ব্যয় ১৩৮৭২.৬৫ কোটি টাকা। অর্থবছর শেষে বাস্তবায়ন অগ্রগতি ৫২ শতাংশে পৌঁছেছে।

ডিজিটাল অবকাঠামো উন্নয়ন প্রকল্পের আওতায় দেশব্যাপী ইন্টারনেট সেবা সম্প্রসারণের কাজ চলছে। প্রকল্পের মেয়াদ বাড়ানো হয়েছে ২০২৭ সালের জুন পর্যন্ত।

পরিকল্পনা কমিশনের সদস্য জানান, প্রকল্প বাস্তবায়নে গুণগতমান নিশ্চিত করা হবে। কাজের মান নিয়ে কোনো ধরনের আপস করা হবে না। নির্ধারিত সময়ের মধ্যে প্রকল্প শেষ করতে সংশ্লিষ্ট সংস্থাগুলোকে নির্দেশ দেওয়া হয়েছে।

একনেক সভায় মোট ১৬টি প্রকল্প অনুমোদন দেওয়া হয়েছে। এসব প্রকল্পের মোট ব্যয় ধরা হয়েছে ২৭ হাজার ৬৫৩ কোটি টাকা। এর মধ্যে সরকারি তহবিল থেকে আসবে ১৭ হাজার কোটি টাকা এবং বৈদেশিক সহায়তা থেকে বাকি অর্থ।

মোদি দেশের সামনে

নির্বাচন ও ২০২৪ সালের লোকসভা নির্বাচনে বেঙ্গালুরু সেন্ট্রাল আসনে ভোট চুরি হয়েছে। তিনি বলেন, ‘আমাদের কাছে প্রমাণ আছে। আমরা জনগণের সামনে এসব তথ্য তুলে ধরব।’

রাহুল গান্ধী আরও বলেন, ভোটার তালিকায় ভুয়া নাম অন্তর্ভুক্ত করে নির্বাচনের ফলাফল প্রভাবিত করা হয়েছে। নির্বাচন কমিশনের ভূমিকা নিয়েও প্রশ্ন তোলেন তিনি।

এর আগে গত ৭ আগস্ট রাহুল বলেছিলেন, ভোট চুরির অভিযোগের বিষয়ে প্রমাণ সংগ্রহ করা হচ্ছে। এ বিষয়ে দলের পক্ষ থেকে বিস্তারিত তদন্ত চালানো হচ্ছে।

কংগ্রেস নেতারা বলছেন, বিহারের বিধানসভা নির্বাচনের আগে এ ধরনের অনিয়ম বন্ধ করতে হবে। ভোটার তালিকা হালনাগাদের নামে লাখো ভোটারের নাম বাদ দেওয়ার অভিযোগ উঠেছে।

তবে নির্বাচন কমিশন এসব অভিযোগ প্রত্যাখ্যান করেছে। কমিশনের পক্ষ থেকে বলা হয়েছে, ভোটার তালিকা হালনাগাদ প্রক্রিয়া স্বচ্ছ ও নিয়মতান্ত্রিকভাবে সম্পন্ন হচ্ছে।

বিজেপি নেতারা রাহুল গান্ধীর অভিযোগকে ভিত্তিহীন বলে উড়িয়ে দিয়েছেন। তারা বলেছেন, নির্বাচনে পরাজয়ের ভয়ে কংগ্রেস এসব অভিযোগ তুলছে।

তানভীর মিশুকসহ ১৩ জনের ব্যাংক অ্যাকাউন্ট জব্দ
সময় প্রতিবেদন

নিজস্ব বিনিয়োগ সেবাদাতা প্রতিষ্ঠান নগদ-এর সাবেক ব্যবস্থাপনা পরিচালক তানভীর আহমেদ মিশুকসহ ১৩ জনের ব্যাংক হিসাব জব্দ করা হয়েছে। বাংলাদেশ ফাইন্যান্সিয়াল ইন্টেলিজেন্স ইউনিট (বিএফআইইউ) এই নির্দেশ দিয়েছে।

সংশ্লিষ্ট ব্যাংকগুলোকে পাঠানো চিঠিতে বলা হয়েছে, আগামী ৩০ দিনের জন্য এসব হিসাবের লেনদেন স্থগিত থাকবে। প্রয়োজনে এ মেয়াদ বাড়ানো হতে পারে।

অ্যাকাউন্ট জব্দের তালিকায় তানভীর মিশুকের বাবা মো. ওবায়দুল্লাহ শনিরসহ পরিবারের আরও কয়েকজন সদস্যের নাম রয়েছে। তাদের ব্যক্তিগত ও প্রাতিষ্ঠানিক হিসাবের তথ্য চাওয়া হয়েছে।

বিএফআইইউর এক কর্মকর্তা জানান, অর্থপাচার ও আর্থিক অনিয়মের অভিযোগ খতিয়ে দেখতে এ পদক্ষেপ নেওয়া হয়েছে। তদন্ত শেষে প্রয়োজনীয় আইনি ব্যবস্থা নেওয়া হবে।

রাজনীতিতে প্রতিহিংসা আগামী বাংলাদেশের জন্য অশনি সংকেত : আনিসুল ইসলাম
সময় প্রতিবেদন

জাতীয় পার্টির (একাংশ) চেয়ারম্যান ব্যারিস্টার আনিসুল ইসলাম মাহমুদ বলেছেন, রাজনীতিতে প্রতিহিংসা আগামী বাংলাদেশের জন্য অশনি সংকেত। দেশের রাজনৈতিক সংস্কৃতিতে সহনশীলতা ফিরিয়ে আনতে হবে।

তিনি বলেন, ‘আমরা একটি গণতান্ত্রিক, সহনশীল ও অন্তর্ভুক্তিমূলক রাজনৈতিক সংস্কৃতি চাই। প্রতিহিংসার রাজনীতি দেশের জন্য কখনো মঙ্গল বয়ে আনে না।’

গতকাল মঙ্গলবার রাজধানীর গুলশানে দলের চেয়ারম্যানের কার্যালয়ে আয়োজিত এক মতবিনিময় সভায় তিনি এসব কথা বলেন। সভায় দলের জ্যেষ্ঠ নেতারা উপস্থিত ছিলেন।

আনিসুল ইসলাম মাহমুদ আরও বলেন, জাতীয় পার্টি সব সময় গণতন্ত্রের পক্ষে কাজ করে এসেছে। আগামী নির্বাচনে দলটি অংশগ্রহণ করবে এবং জনগণের রায়ের প্রতি শ্রদ্ধাশীল থাকবে।

তিনি বলেন, দেশের অর্থনীতি, আইনশৃঙ্খলা পরিস্থিতি ও রাজনৈতিক স্থিতিশীলতা নিয়ে জনগণ উদ্বিগ্ন। এসব সমস্যা সমাধানে সরকারকে সব দলের সঙ্গে আলোচনা করতে হবে।

সভায় উপস্থিত নেতারা জাতীয় পার্টির ঐক্য ও সাংগঠনিক শক্তি বৃদ্ধির ওপর গুরুত্বারোপ করেন। তারা বলেন, দলের তৃণমূল পর্যায়ে নেতাকর্মীদের সক্রিয় করতে হবে।

তিন দিনের সফরে ঢাকায় টিআই চেয়ারপারসন ফ্রাঁসোয়া
সময় প্রতিবেদক

বার্লিনভিত্তিক দুর্নীতিবিরোধী সংস্থা ট্রান্সপারেন্সি ইন্টারন্যাশনালের (টিআই) আন্তর্জাতিক পর্যদের চেয়ারপারসন ফ্রাঁসোয়া ভ্যালেরিয়া তিন দিনের সফরে ঢাকায় এসেছেন।

সফরকালে তিনি প্রধান উপদেষ্টা, বিভিন্ন সংস্কার কমিশনের প্রধান এবং নাগরিক সমাজের প্রতিনিধিদের সঙ্গে সাক্ষাৎ করবেন। দুর্নীতি প্রতিরোধে বাংলাদেশের অগ্রগতি নিয়ে আলোচনা করবেন তিনি।

টিআইবির নির্বাহী পরিচালক ড. ইফতেখারুজ্জামান জানান, টিআই চেয়ারপারসনের এই সফর বাংলাদেশের সুশাসন প্রতিষ্ঠার প্রচেষ্টায় গুরুত্বপূর্ণ ভূমিকা রাখবে। তিনি দুর্নীতি দমন কমিশনসহ বিভিন্ন প্রতিষ্ঠানের কর্মকর্তাদের সঙ্গেও মতবিনিময় করবেন।

ফ্রাঁসোয়া ভ্যালেরিয়া ২০২৩ সাল থেকে টিআইয়ের চেয়ারপারসন হিসেবে দায়িত্ব পালন করছেন। এর আগে তিনি আন্তর্জাতিক বিভিন্ন সংস্থায় গুরুত্বপূর্ণ দায়িত্ব পালন করেছেন।

তিনি ফ্রান্সের প্রখ্যাত প্রকৌশল শিক্ষাপ্রতিষ্ঠান Ecole Polytechnique এবং Ecole des Mines de Paris থেকে উচ্চতর ডিগ্রি অর্জন করেন। পেশাগত জীবনে তিনি টেকসই উন্নয়ন ও সুশাসন বিষয়ে কাজ করেছেন।
